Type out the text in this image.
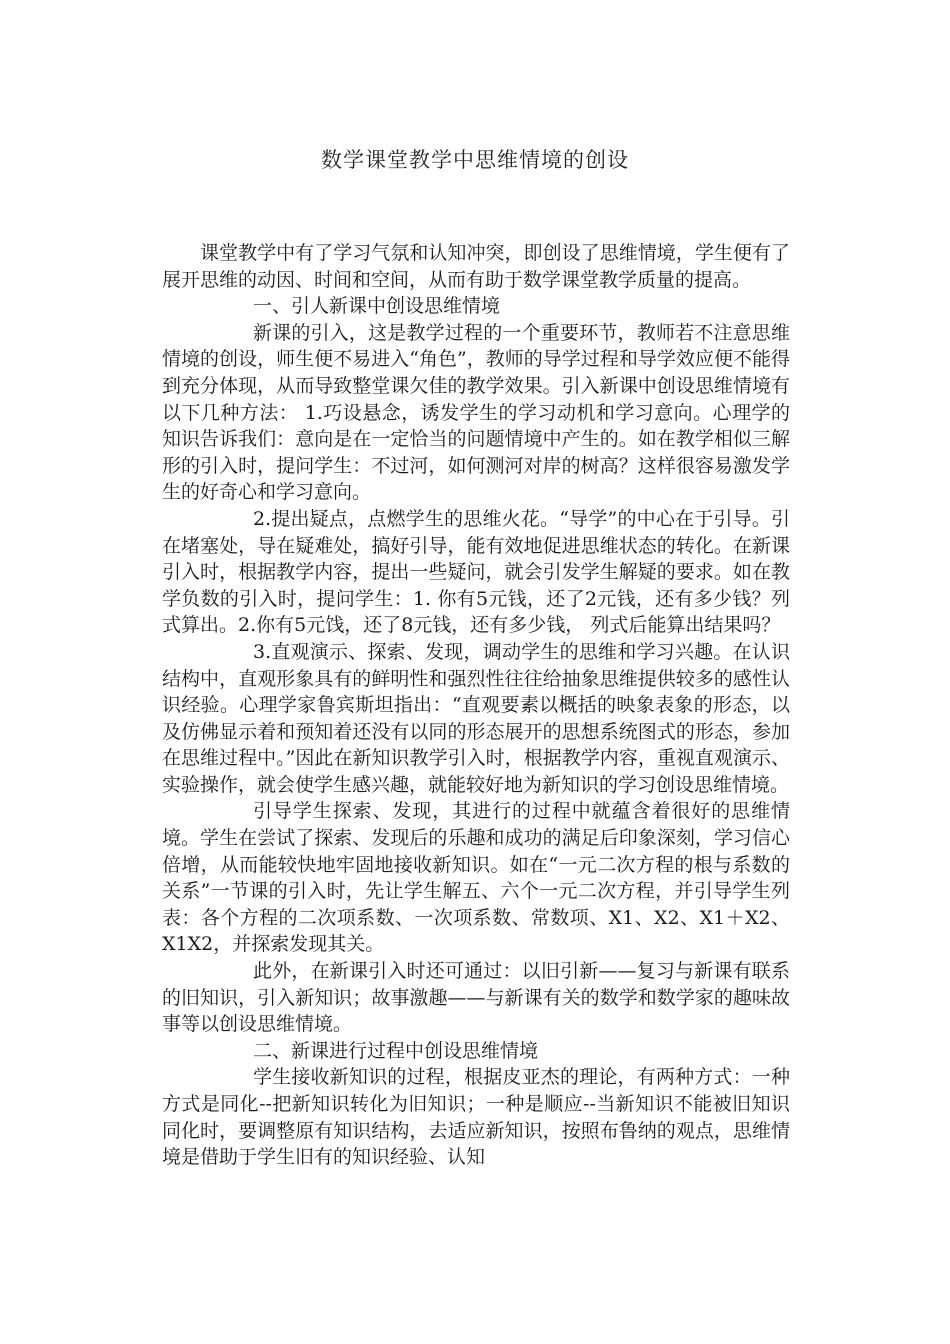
数学课堂教学中思维情境的创设

课堂教学中有了学习气氛和认知冲突，即创设了思维情境，学生便有了展开思维的动因、时间和空间，从而有助于数学课堂教学质量的提高。

一、引人新课中创设思维情境

新课的引入，这是教学过程的一个重要环节，教师若不注意思维情境的创设，师生便不易进入“角色”，教师的导学过程和导学效应便不能得到充分体现，从而导致整堂课欠佳的教学效果。引入新课中创设思维情境有以下几种方法： 1.巧设悬念，诱发学生的学习动机和学习意向。心理学的知识告诉我们：意向是在一定恰当的问题情境中产生的。如在教学相似三解形的引入时，提问学生：不过河，如何测河对岸的树高？这样很容易激发学生的好奇心和学习意向。

2.提出疑点，点燃学生的思维火花。“导学”的中心在于引导。引在堵塞处，导在疑难处，搞好引导，能有效地促进思维状态的转化。在新课引入时，根据教学内容，提出一些疑问，就会引发学生解疑的要求。如在教学负数的引入时，提问学生：1. 你有5元钱，还了2元钱，还有多少钱？列式算出。2.你有5元饯，还了8元钱，还有多少钱， 列式后能算出结果吗？

3.直观演示、探索、发现，调动学生的思维和学习兴趣。在认识结构中，直观形象具有的鲜明性和强烈性往往给抽象思维提供较多的感性认识经验。心理学家鲁宾斯坦指出：“直观要素以概括的映象表象的形态，以及仿佛显示着和预知着还没有以同的形态展开的思想系统图式的形态，参加在思维过程中。”因此在新知识教学引入时，根据教学内容，重视直观演示、实验操作，就会使学生感兴趣，就能较好地为新知识的学习创设思维情境。

引导学生探索、发现，其进行的过程中就蕴含着很好的思维情境。学生在尝试了探索、发现后的乐趣和成功的满足后印象深刻，学习信心倍增，从而能较快地牢固地接收新知识。如在“一元二次方程的根与系数的关系”一节课的引入时，先让学生解五、六个一元二次方程，并引导学生列表：各个方程的二次项系数、一次项系数、常数项、X1、X2、X1＋X2、X1X2，并探索发现其关。

此外，在新课引入时还可通过：以旧引新——复习与新课有联系的旧知识，引入新知识；故事激趣——与新课有关的数学和数学家的趣味故事等以创设思维情境。

二、新课进行过程中创设思维情境

学生接收新知识的过程，根据皮亚杰的理论，有两种方式：一种方式是同化--把新知识转化为旧知识；一种是顺应--当新知识不能被旧知识同化时，要调整原有知识结构，去适应新知识，按照布鲁纳的观点，思维情境是借助于学生旧有的知识经验、认知
